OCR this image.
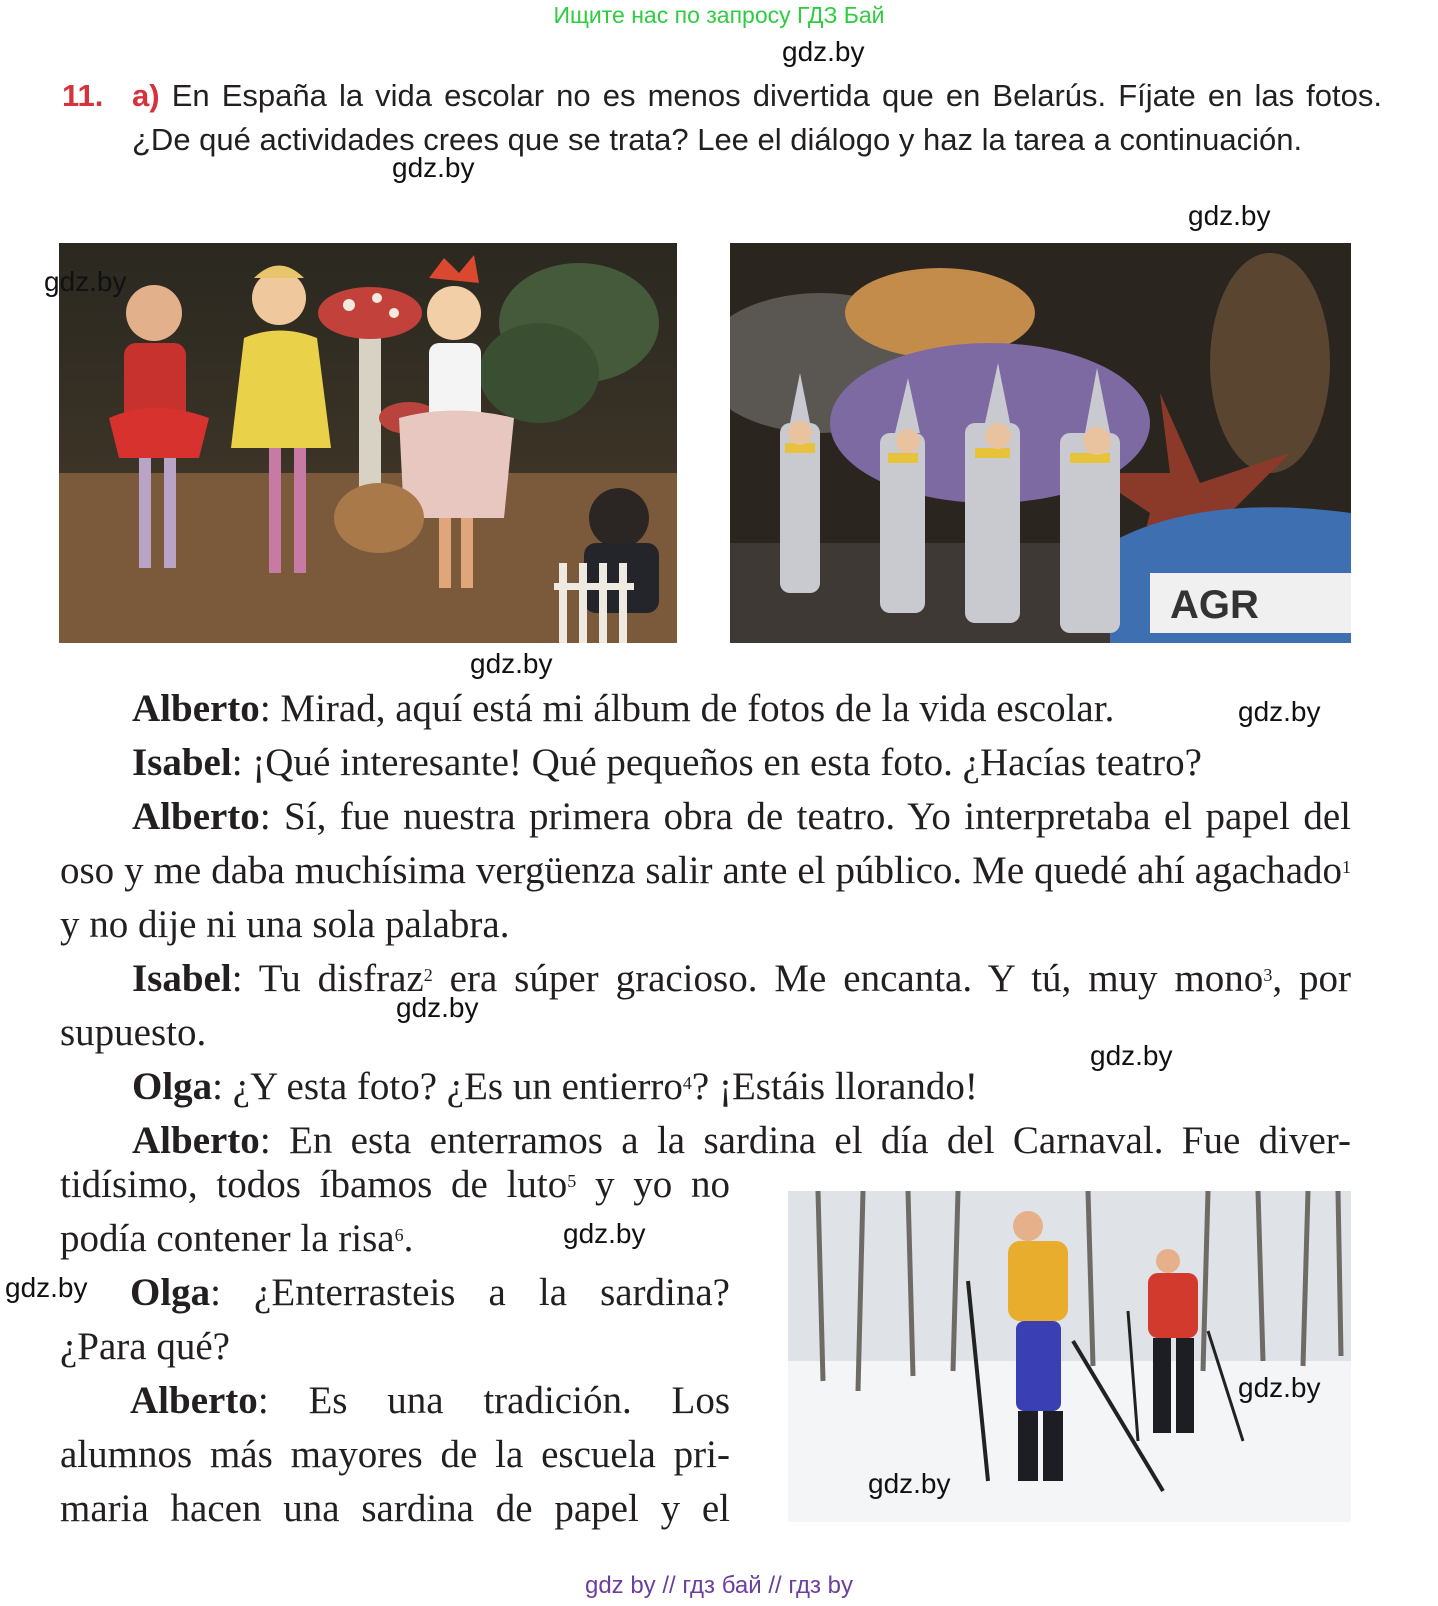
Ищите нас по запросу ГДЗ Бай
gdz.by
11. a) En España la vida escolar no es menos divertida que en Belarús. Fíjate en las fotos. ¿De qué actividades crees que se trata? Lee el diálogo y haz la tarea a continuación.
gdz.by
gdz.by
gdz.by
AGR
gdz.by
gdz.by

Alberto: Mirad, aquí está mi álbum de fotos de la vida escolar.

Isabel: ¡Qué interesante! Qué pequeños en esta foto. ¿Hacías teatro?

Alberto: Sí, fue nuestra primera obra de teatro. Yo interpretaba el papel del oso y me daba muchísima vergüenza salir ante el público. Me quedé ahí agachado$^1$ y no dije ni una sola palabra.

Isabel: Tu disfraz$^2$ era súper gracioso. Me encanta. Y tú, muy mono$^3$, por supuesto.

Olga: ¿Y esta foto? ¿Es un entierro$^4$? ¡Estáis llorando!

Alberto: En esta enterramos a la sardina el día del Carnaval. Fue diver-

gdz.by
gdz.by
tidísimo, todos íbamos de luto$^5$ y yo no
podía contener la risa$^6$.
Olga: ¿Enterrasteis a la sardina?
¿Para qué?
Alberto: Es una tradición. Los
alumnos más mayores de la escuela pri-
maria hacen una sardina de papel y el
gdz.by
gdz.by
gdz.by
gdz.by
gdz by // гдз бай // гдз by
